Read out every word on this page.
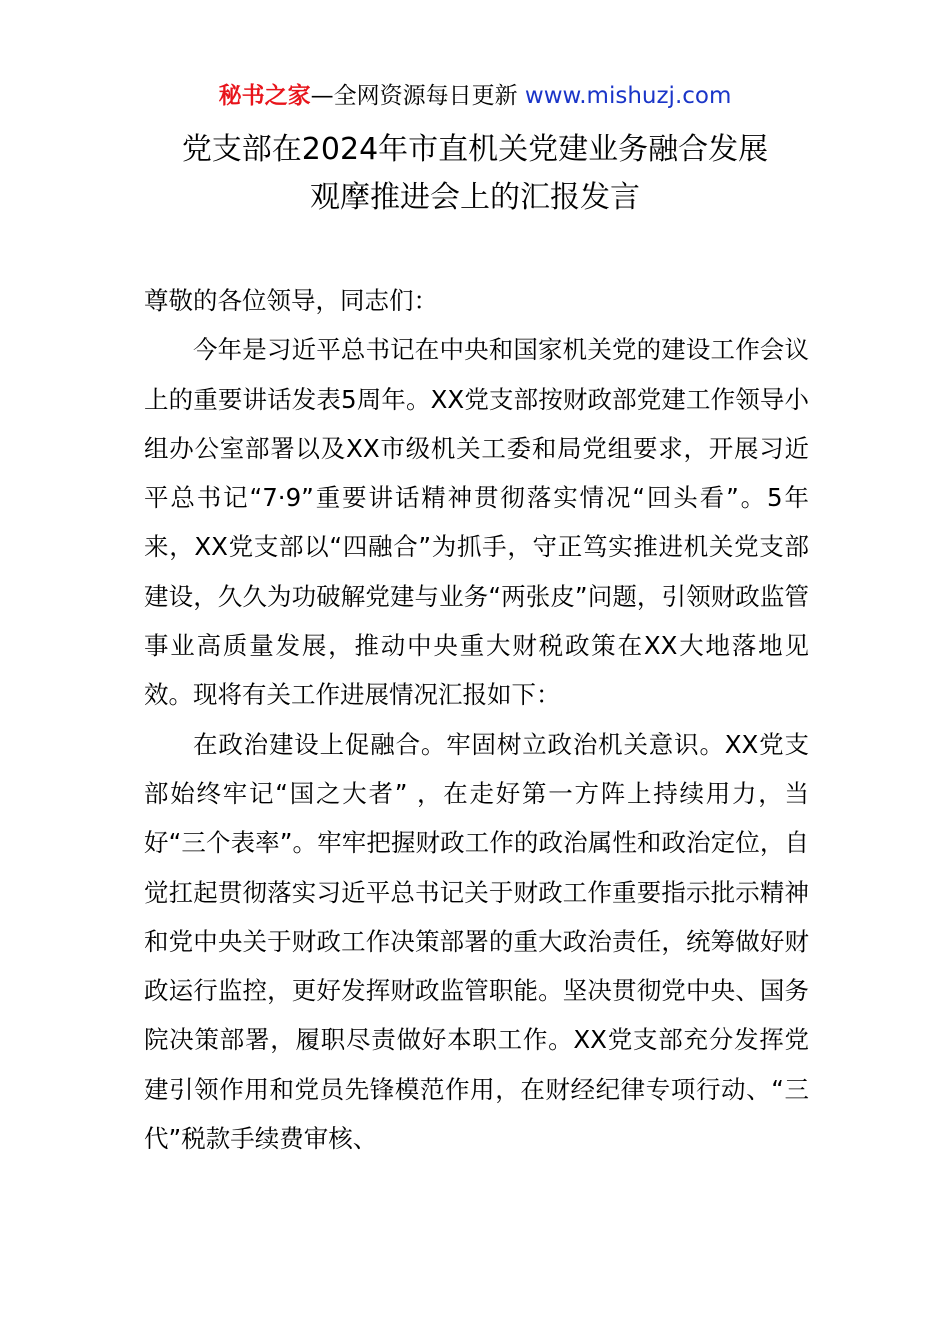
秘书之家—全网资源每日更新 www.mishuzj.com
党支部在2024年市直机关党建业务融合发展
观摩推进会上的汇报发言

尊敬的各位领导，同志们：

今年是习近平总书记在中央和国家机关党的建设工作会议上的重要讲话发表5周年。XX党支部按财政部党建工作领导小组办公室部署以及XX市级机关工委和局党组要求，开展习近平总书记“7·9”重要讲话精神贯彻落实情况“回头看”。5年来，XX党支部以“四融合”为抓手，守正笃实推进机关党支部建设，久久为功破解党建与业务“两张皮”问题，引领财政监管事业高质量发展，推动中央重大财税政策在XX大地落地见效。现将有关工作进展情况汇报如下：

在政治建设上促融合。牢固树立政治机关意识。XX党支部始终牢记“国之大者” ，在走好第一方阵上持续用力，当好“三个表率”。牢牢把握财政工作的政治属性和政治定位，自觉扛起贯彻落实习近平总书记关于财政工作重要指示批示精神和党中央关于财政工作决策部署的重大政治责任，统筹做好财政运行监控，更好发挥财政监管职能。坚决贯彻党中央、国务院决策部署，履职尽责做好本职工作。XX党支部充分发挥党建引领作用和党员先锋模范作用，在财经纪律专项行动、“三代”税款手续费审核、
